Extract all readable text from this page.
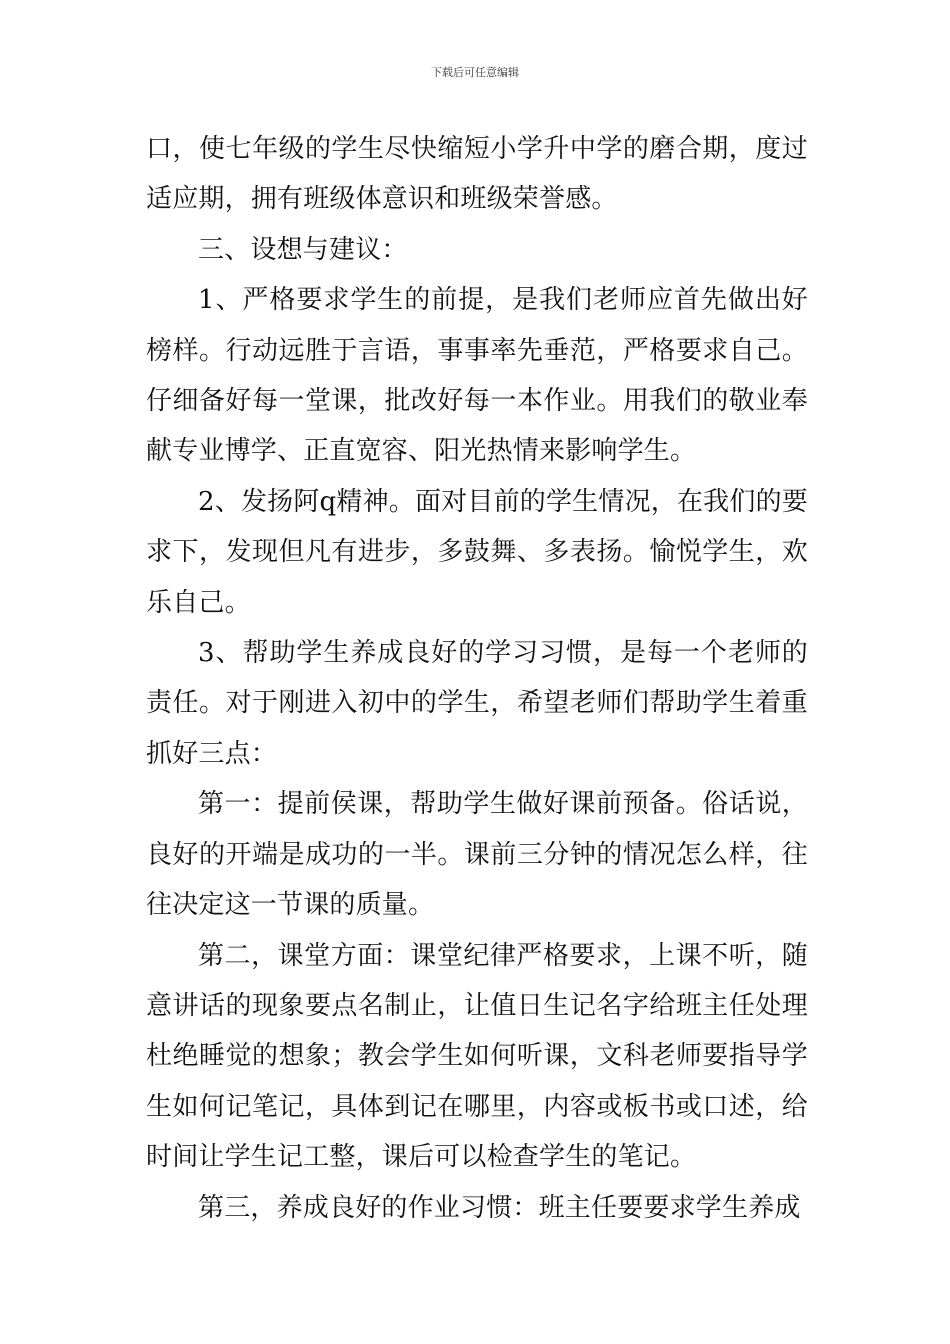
下载后可任意编辑

口，使七年级的学生尽快缩短小学升中学的磨合期，度过适应期，拥有班级体意识和班级荣誉感。

三、设想与建议：

1、严格要求学生的前提，是我们老师应首先做出好榜样。行动远胜于言语，事事率先垂范，严格要求自己。仔细备好每一堂课，批改好每一本作业。用我们的敬业奉献专业博学、正直宽容、阳光热情来影响学生。

2、发扬阿q精神。面对目前的学生情况，在我们的要求下，发现但凡有进步，多鼓舞、多表扬。愉悦学生，欢乐自己。

3、帮助学生养成良好的学习习惯，是每一个老师的责任。对于刚进入初中的学生，希望老师们帮助学生着重抓好三点：

第一：提前侯课，帮助学生做好课前预备。俗话说，良好的开端是成功的一半。课前三分钟的情况怎么样，往往决定这一节课的质量。

第二，课堂方面：课堂纪律严格要求，上课不听，随意讲话的现象要点名制止，让值日生记名字给班主任处理杜绝睡觉的想象；教会学生如何听课，文科老师要指导学生如何记笔记，具体到记在哪里，内容或板书或口述，给时间让学生记工整，课后可以检查学生的笔记。

第三，养成良好的作业习惯：班主任要要求学生养成
